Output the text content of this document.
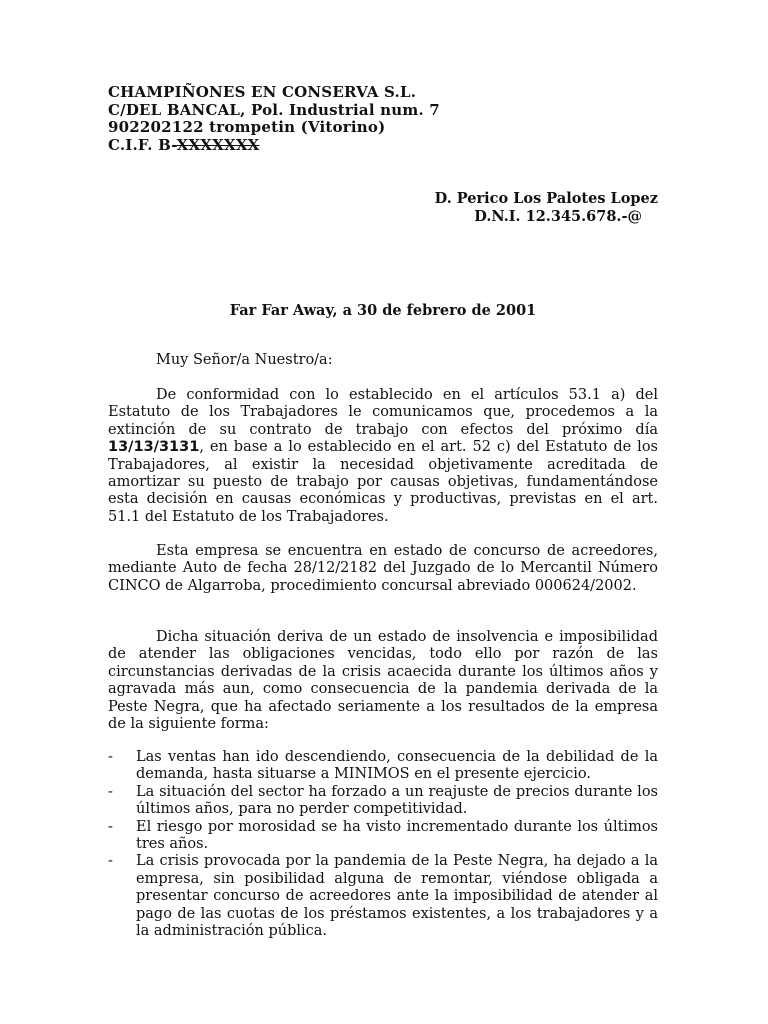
CHAMPIÑONES EN CONSERVA S.L.
C/DEL BANCAL, Pol. Industrial num. 7
902202122 trompetin (Vitorino)
C.I.F. B-XXXXXXX
D. Perico Los Palotes Lopez
D.N.I. 12.345.678.-@
Far Far Away, a 30 de febrero de 2001
Muy Señor/a Nuestro/a:
De conformidad con lo establecido en el artículos 53.1 a) del Estatuto de los Trabajadores le comunicamos que, procedemos a la extinción de su contrato de trabajo con efectos del próximo día 13/13/3131, en base a lo establecido en el art. 52 c) del Estatuto de los Trabajadores, al existir la necesidad objetivamente acreditada de amortizar su puesto de trabajo por causas objetivas, fundamentándose esta decisión en causas económicas y productivas, previstas en el art. 51.1 del Estatuto de los Trabajadores.
Esta empresa se encuentra en estado de concurso de acreedores, mediante Auto de fecha 28/12/2182 del Juzgado de lo Mercantil Número CINCO de Algarroba, procedimiento concursal abreviado 000624/2002.
Dicha situación deriva de un estado de insolvencia e imposibilidad de atender las obligaciones vencidas, todo ello por razón de las circunstancias derivadas de la crisis acaecida durante los últimos años y agravada más aun, como consecuencia de la pandemia derivada de la Peste Negra, que ha afectado seriamente a los resultados de la empresa de la siguiente forma:
- Las ventas han ido descendiendo, consecuencia de la debilidad de la demanda, hasta situarse a MINIMOS en el presente ejercicio.
- La situación del sector ha forzado a un reajuste de precios durante los últimos años, para no perder competitividad.
- El riesgo por morosidad se ha visto incrementado durante los últimos tres años.
- La crisis provocada por la pandemia de la Peste Negra, ha dejado a la empresa, sin posibilidad alguna de remontar, viéndose obligada a presentar concurso de acreedores ante la imposibilidad de atender al pago de las cuotas de los préstamos existentes, a los trabajadores y a la administración pública.
